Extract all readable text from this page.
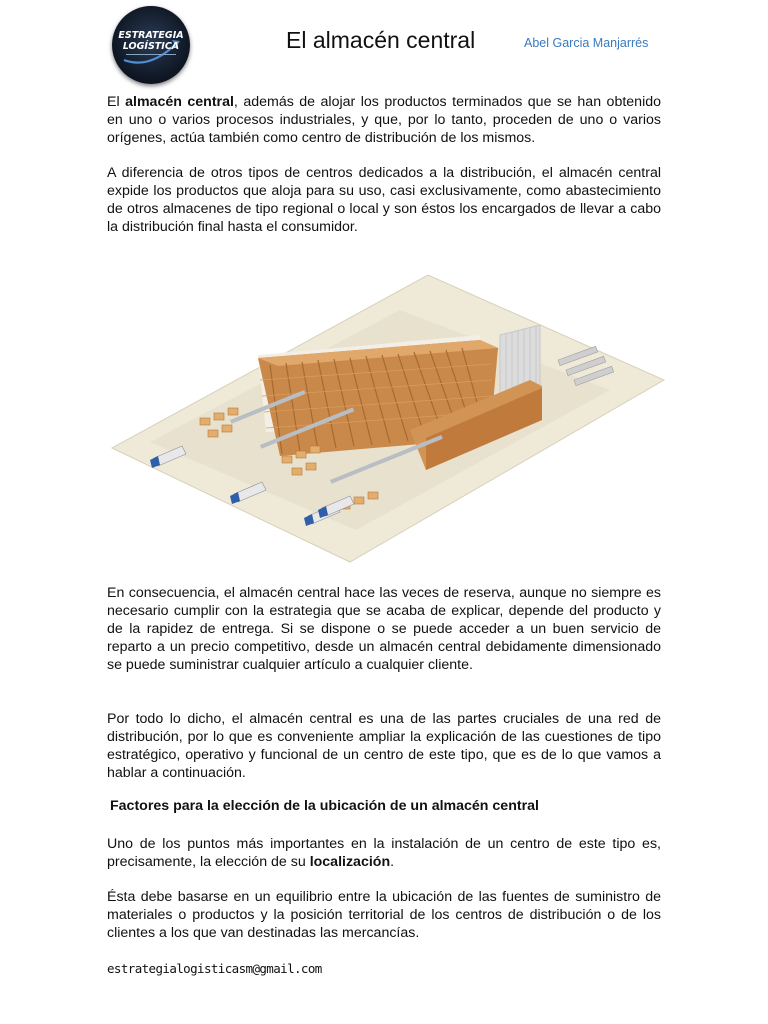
ESTRATEGIA
LOGÍSTICA	El almacén central	Abel Garcia Manjarrés

El almacén central, además de alojar los productos terminados que se han obtenido en uno o varios procesos industriales, y que, por lo tanto, proceden de uno o varios orígenes, actúa también como centro de distribución de los mismos.

A diferencia de otros tipos de centros dedicados a la distribución, el almacén central expide los productos que aloja para su uso, casi exclusivamente, como abastecimiento de otros almacenes de tipo regional o local y son éstos los encargados de llevar a cabo la distribución final hasta el consumidor.

En consecuencia, el almacén central hace las veces de reserva, aunque no siempre es necesario cumplir con la estrategia que se acaba de explicar, depende del producto y de la rapidez de entrega. Si se dispone o se puede acceder a un buen servicio de reparto a un precio competitivo, desde un almacén central debidamente dimensionado se puede suministrar cualquier artículo a cualquier cliente.

Por todo lo dicho, el almacén central es una de las partes cruciales de una red de distribución, por lo que es conveniente ampliar la explicación de las cuestiones de tipo estratégico, operativo y funcional de un centro de este tipo, que es de lo que vamos a hablar a continuación.

Factores para la elección de la ubicación de un almacén central

Uno de los puntos más importantes en la instalación de un centro de este tipo es, precisamente, la elección de su localización.

Ésta debe basarse en un equilibrio entre la ubicación de las fuentes de suministro de materiales o productos y la posición territorial de los centros de distribución o de los clientes a los que van destinadas las mercancías.

estrategialogisticasm@gmail.com
